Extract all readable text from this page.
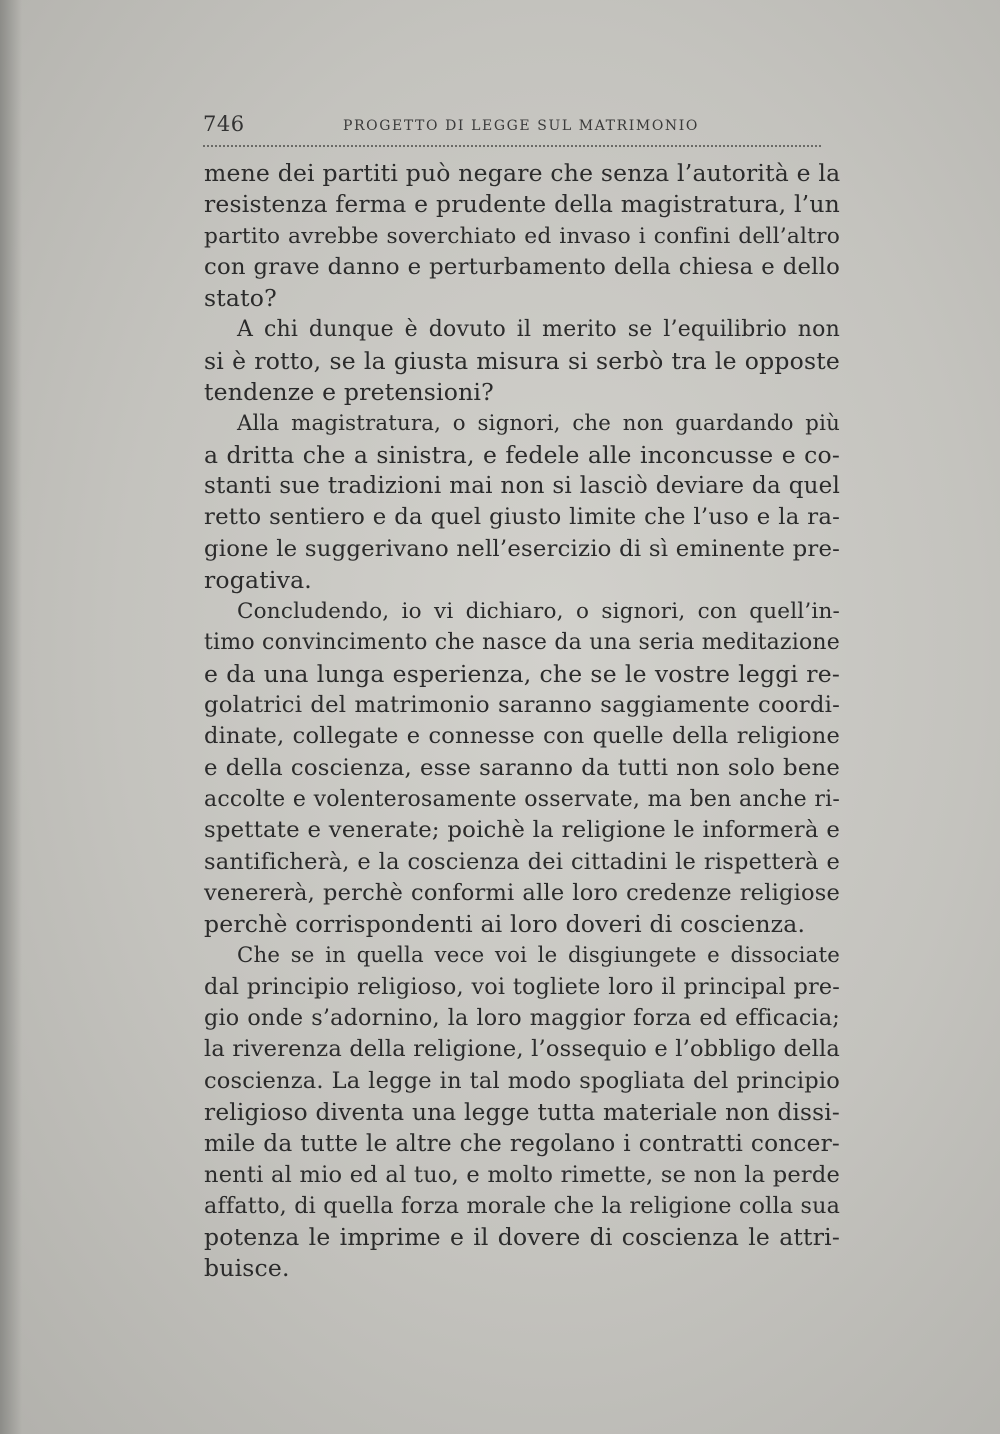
746	PROGETTO DI LEGGE SUL MATRIMONIO
mene dei partiti può negare che senza l’autorità e la
resistenza ferma e prudente della magistratura, l’un
partito avrebbe soverchiato ed invaso i confini dell’altro
con grave danno e perturbamento della chiesa e dello
stato?
A chi dunque è dovuto il merito se l’equilibrio non
si è rotto, se la giusta misura si serbò tra le opposte
tendenze e pretensioni?
Alla magistratura, o signori, che non guardando più
a dritta che a sinistra, e fedele alle inconcusse e co-
stanti sue tradizioni mai non si lasciò deviare da quel
retto sentiero e da quel giusto limite che l’uso e la ra-
gione le suggerivano nell’esercizio di sì eminente pre-
rogativa.
Concludendo, io vi dichiaro, o signori, con quell’in-
timo convincimento che nasce da una seria meditazione
e da una lunga esperienza, che se le vostre leggi re-
golatrici del matrimonio saranno saggiamente coordi-
dinate, collegate e connesse con quelle della religione
e della coscienza, esse saranno da tutti non solo bene
accolte e volenterosamente osservate, ma ben anche ri-
spettate e venerate; poichè la religione le informerà e
santificherà, e la coscienza dei cittadini le rispetterà e
venererà, perchè conformi alle loro credenze religiose
perchè corrispondenti ai loro doveri di coscienza.
Che se in quella vece voi le disgiungete e dissociate
dal principio religioso, voi togliete loro il principal pre-
gio onde s’adornino, la loro maggior forza ed efficacia;
la riverenza della religione, l’ossequio e l’obbligo della
coscienza. La legge in tal modo spogliata del principio
religioso diventa una legge tutta materiale non dissi-
mile da tutte le altre che regolano i contratti concer-
nenti al mio ed al tuo, e molto rimette, se non la perde
affatto, di quella forza morale che la religione colla sua
potenza le imprime e il dovere di coscienza le attri-
buisce.
